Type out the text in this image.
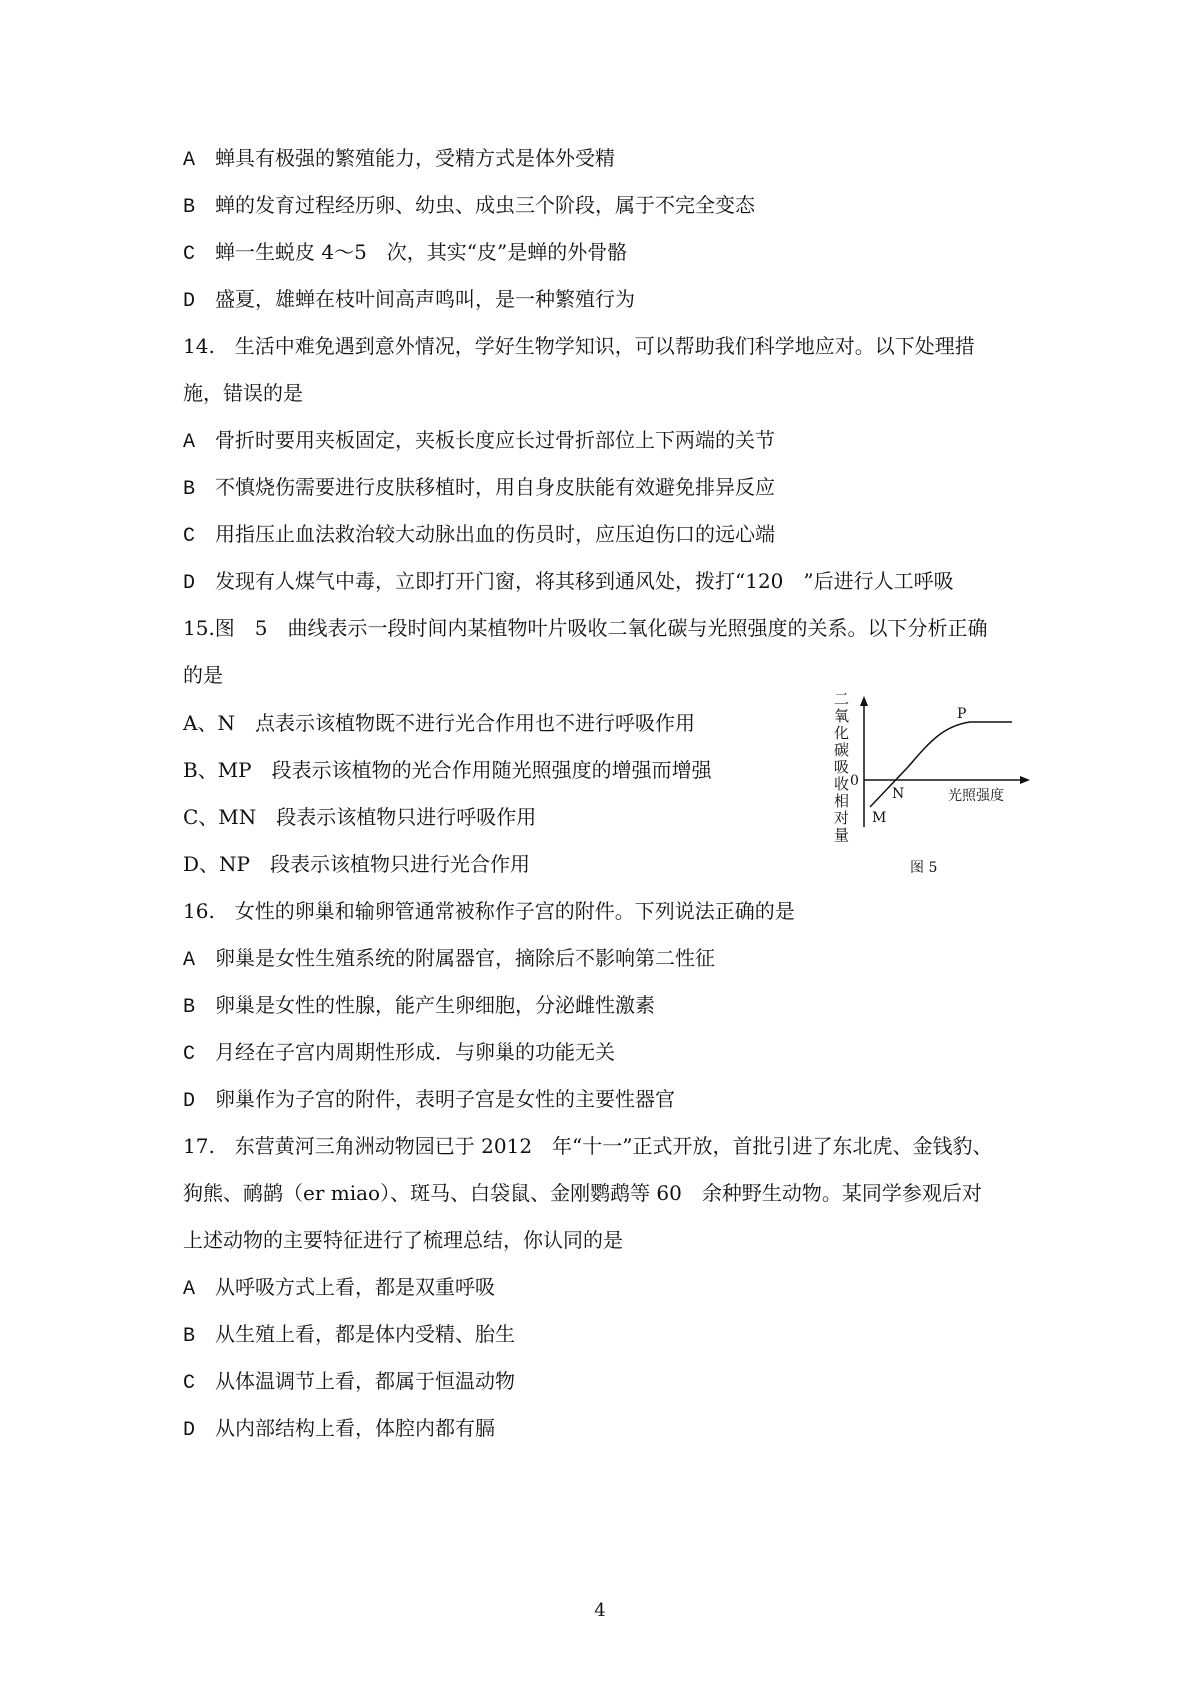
A 蝉具有极强的繁殖能力，受精方式是体外受精
B 蝉的发育过程经历卵、幼虫、成虫三个阶段，属于不完全变态
C 蝉一生蜕皮 4～5　次，其实“皮”是蝉的外骨骼
D 盛夏，雄蝉在枝叶间高声鸣叫，是一种繁殖行为
14.　生活中难免遇到意外情况，学好生物学知识，可以帮助我们科学地应对。以下处理措
施，错误的是
A 骨折时要用夹板固定，夹板长度应长过骨折部位上下两端的关节
B 不慎烧伤需要进行皮肤移植时，用自身皮肤能有效避免排异反应
C 用指压止血法救治较大动脉出血的伤员时，应压迫伤口的远心端
D 发现有人煤气中毒，立即打开门窗，将其移到通风处，拨打“120　”后进行人工呼吸
15.图　5　曲线表示一段时间内某植物叶片吸收二氧化碳与光照强度的关系。以下分析正确
的是
A、N　点表示该植物既不进行光合作用也不进行呼吸作用
B、MP　段表示该植物的光合作用随光照强度的增强而增强
C、MN　段表示该植物只进行呼吸作用
D、NP　段表示该植物只进行光合作用
16.　女性的卵巢和输卵管通常被称作子宫的附件。下列说法正确的是
A 卵巢是女性生殖系统的附属器官，摘除后不影响第二性征
B 卵巢是女性的性腺，能产生卵细胞，分泌雌性激素
C 月经在子宫内周期性形成．与卵巢的功能无关
D 卵巢作为子宫的附件，表明子宫是女性的主要性器官
17.　东营黄河三角洲动物园已于 2012　年“十一”正式开放，首批引进了东北虎、金钱豹、
狗熊、鸸鹋（er miao）、斑马、白袋鼠、金刚鹦鹉等 60　余种野生动物。某同学参观后对
上述动物的主要特征进行了梳理总结，你认同的是
A 从呼吸方式上看，都是双重呼吸
B 从生殖上看，都是体内受精、胎生
C 从体温调节上看，都属于恒温动物
D 从内部结构上看，体腔内都有膈
二氧化碳吸收相对量
0
M
N
P
光照强度
图 5
4
